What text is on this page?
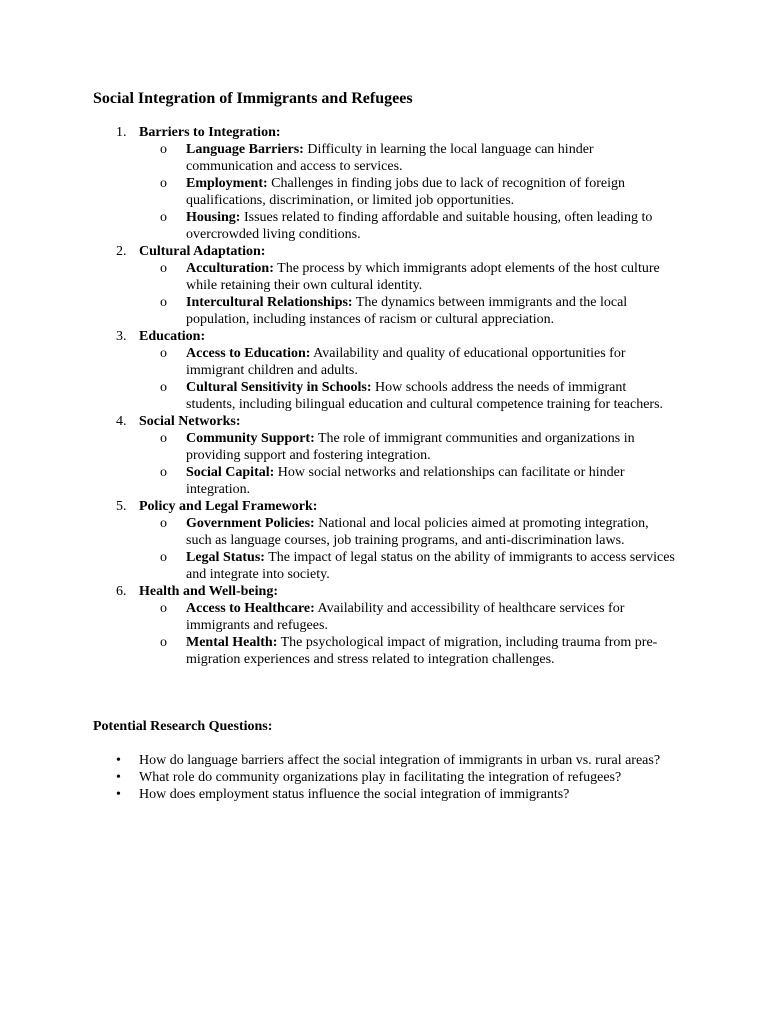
Social Integration of Immigrants and Refugees
1. Barriers to Integration:
o	Language Barriers: Difficulty in learning the local language can hinder communication and access to services.
o	Employment: Challenges in finding jobs due to lack of recognition of foreign qualifications, discrimination, or limited job opportunities.
o	Housing: Issues related to finding affordable and suitable housing, often leading to overcrowded living conditions.
2. Cultural Adaptation:
o	Acculturation: The process by which immigrants adopt elements of the host culture while retaining their own cultural identity.
o	Intercultural Relationships: The dynamics between immigrants and the local population, including instances of racism or cultural appreciation.
3. Education:
o	Access to Education: Availability and quality of educational opportunities for immigrant children and adults.
o	Cultural Sensitivity in Schools: How schools address the needs of immigrant students, including bilingual education and cultural competence training for teachers.
4. Social Networks:
o	Community Support: The role of immigrant communities and organizations in providing support and fostering integration.
o	Social Capital: How social networks and relationships can facilitate or hinder integration.
5. Policy and Legal Framework:
o	Government Policies: National and local policies aimed at promoting integration, such as language courses, job training programs, and anti-discrimination laws.
o	Legal Status: The impact of legal status on the ability of immigrants to access services and integrate into society.
6. Health and Well-being:
o	Access to Healthcare: Availability and accessibility of healthcare services for immigrants and refugees.
o	Mental Health: The psychological impact of migration, including trauma from pre-migration experiences and stress related to integration challenges.
Potential Research Questions:
•	How do language barriers affect the social integration of immigrants in urban vs. rural areas?
•	What role do community organizations play in facilitating the integration of refugees?
•	How does employment status influence the social integration of immigrants?
